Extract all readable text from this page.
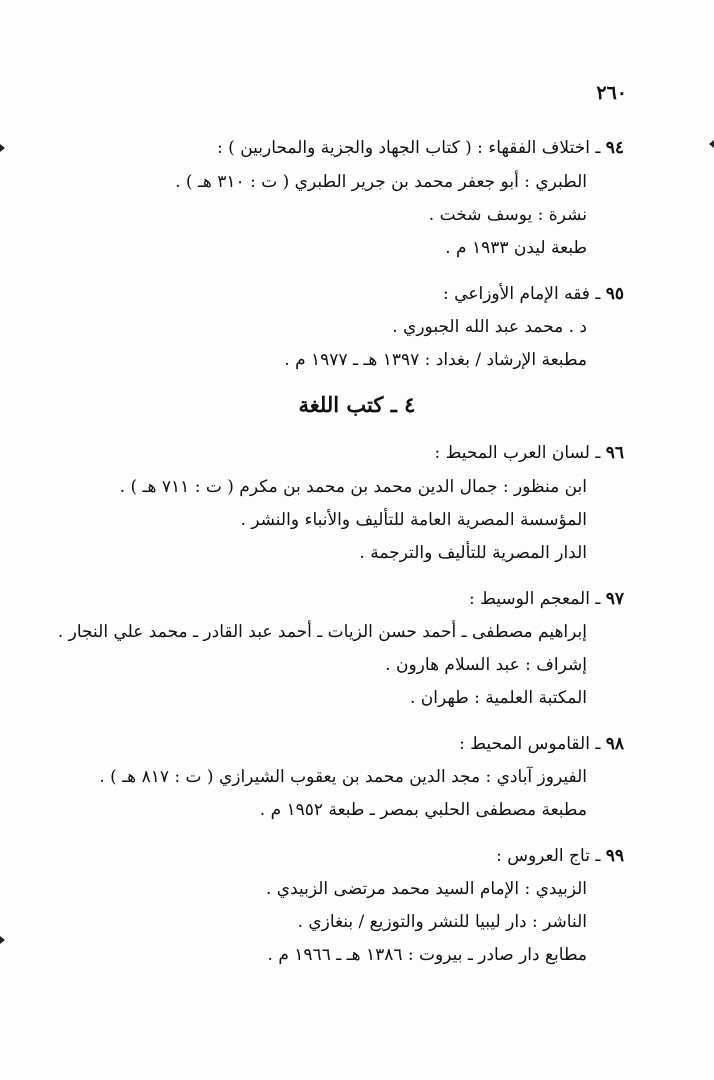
٢٦٠
٩٤ ـ اختلاف الفقهاء : ( كتاب الجهاد والجزية والمحاربين ) :
الطبري : أبو جعفر محمد بن جرير الطبري ( ت : ٣١٠ هـ ) .
نشرة : يوسف شخت .
طبعة ليدن ١٩٣٣ م .
٩٥ ـ فقه الإمام الأوزاعي :
د . محمد عبد الله الجبوري .
مطبعة الإرشاد / بغداد : ١٣٩٧ هـ ـ ١٩٧٧ م .
٤ ـ كتب اللغة
٩٦ ـ لسان العرب المحيط :
ابن منظور : جمال الدين محمد بن محمد بن مكرم ( ت : ٧١١ هـ ) .
المؤسسة المصرية العامة للتأليف والأنباء والنشر .
الدار المصرية للتأليف والترجمة .
٩٧ ـ المعجم الوسيط :
إبراهيم مصطفى ـ أحمد حسن الزيات ـ أحمد عبد القادر ـ محمد علي النجار .
إشراف : عبد السلام هارون .
المكتبة العلمية : طهران .
٩٨ ـ القاموس المحيط :
الفيروز آبادي : مجد الدين محمد بن يعقوب الشيرازي ( ت : ٨١٧ هـ ) .
مطبعة مصطفى الحلبي بمصر ـ طبعة ١٩٥٢ م .
٩٩ ـ تاج العروس :
الزبيدي : الإمام السيد محمد مرتضى الزبيدي .
الناشر : دار ليبيا للنشر والتوزيع / بنغازي .
مطابع دار صادر ـ بيروت : ١٣٨٦ هـ ـ ١٩٦٦ م .
